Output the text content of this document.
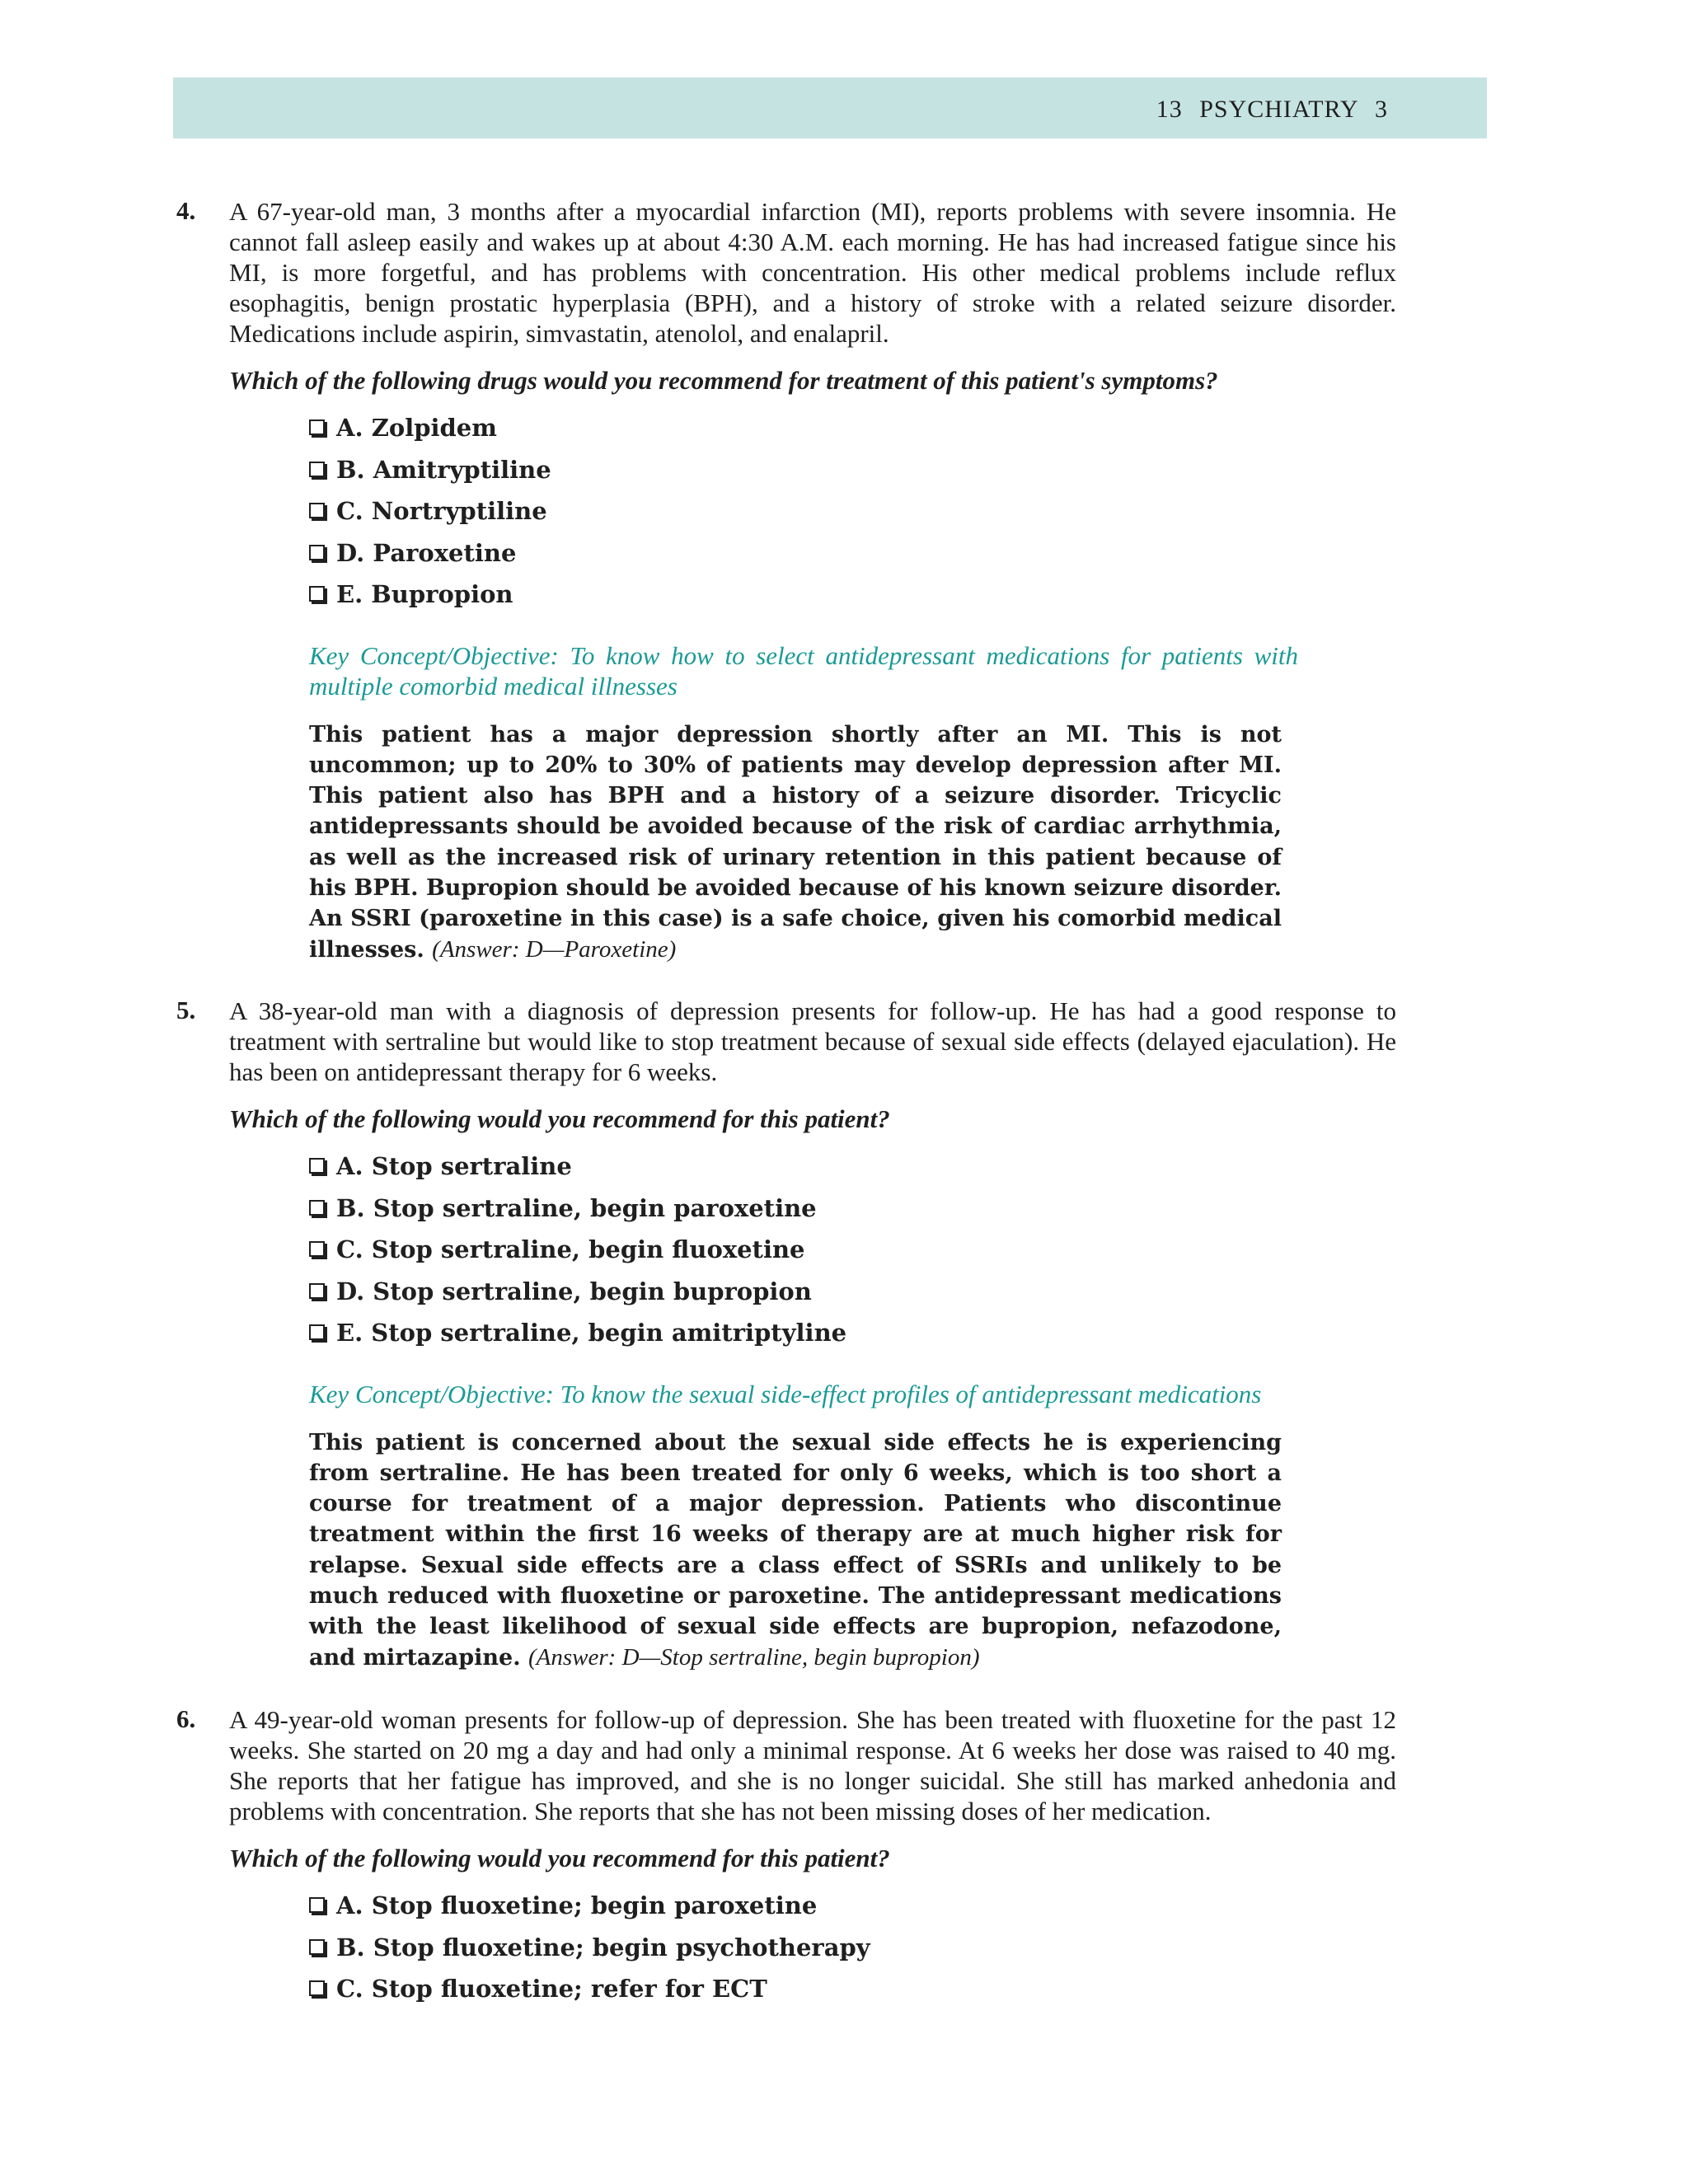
13 PSYCHIATRY 3
4. A 67-year-old man, 3 months after a myocardial infarction (MI), reports problems with severe insomnia. He cannot fall asleep easily and wakes up at about 4:30 A.M. each morning. He has had increased fatigue since his MI, is more forgetful, and has problems with concentration. His other medical problems include reflux esophagitis, benign prostatic hyperplasia (BPH), and a history of stroke with a related seizure disorder. Medications include aspirin, simvastatin, atenolol, and enalapril.
Which of the following drugs would you recommend for treatment of this patient's symptoms?
A. Zolpidem
B. Amitryptiline
C. Nortryptiline
D. Paroxetine
E. Bupropion
Key Concept/Objective: To know how to select antidepressant medications for patients with multiple comorbid medical illnesses
This patient has a major depression shortly after an MI. This is not uncommon; up to 20% to 30% of patients may develop depression after MI. This patient also has BPH and a history of a seizure disorder. Tricyclic antidepressants should be avoided because of the risk of cardiac arrhythmia, as well as the increased risk of urinary retention in this patient because of his BPH. Bupropion should be avoided because of his known seizure disorder. An SSRI (paroxetine in this case) is a safe choice, given his comorbid medical illnesses. (Answer: D—Paroxetine)
5. A 38-year-old man with a diagnosis of depression presents for follow-up. He has had a good response to treatment with sertraline but would like to stop treatment because of sexual side effects (delayed ejaculation). He has been on antidepressant therapy for 6 weeks.
Which of the following would you recommend for this patient?
A. Stop sertraline
B. Stop sertraline, begin paroxetine
C. Stop sertraline, begin fluoxetine
D. Stop sertraline, begin bupropion
E. Stop sertraline, begin amitriptyline
Key Concept/Objective: To know the sexual side-effect profiles of antidepressant medications
This patient is concerned about the sexual side effects he is experiencing from sertraline. He has been treated for only 6 weeks, which is too short a course for treatment of a major depression. Patients who discontinue treatment within the first 16 weeks of therapy are at much higher risk for relapse. Sexual side effects are a class effect of SSRIs and unlikely to be much reduced with fluoxetine or paroxetine. The antidepressant medications with the least likelihood of sexual side effects are bupropion, nefazodone, and mirtazapine. (Answer: D—Stop sertraline, begin bupropion)
6. A 49-year-old woman presents for follow-up of depression. She has been treated with fluoxetine for the past 12 weeks. She started on 20 mg a day and had only a minimal response. At 6 weeks her dose was raised to 40 mg. She reports that her fatigue has improved, and she is no longer suicidal. She still has marked anhedonia and problems with concentration. She reports that she has not been missing doses of her medication.
Which of the following would you recommend for this patient?
A. Stop fluoxetine; begin paroxetine
B. Stop fluoxetine; begin psychotherapy
C. Stop fluoxetine; refer for ECT
